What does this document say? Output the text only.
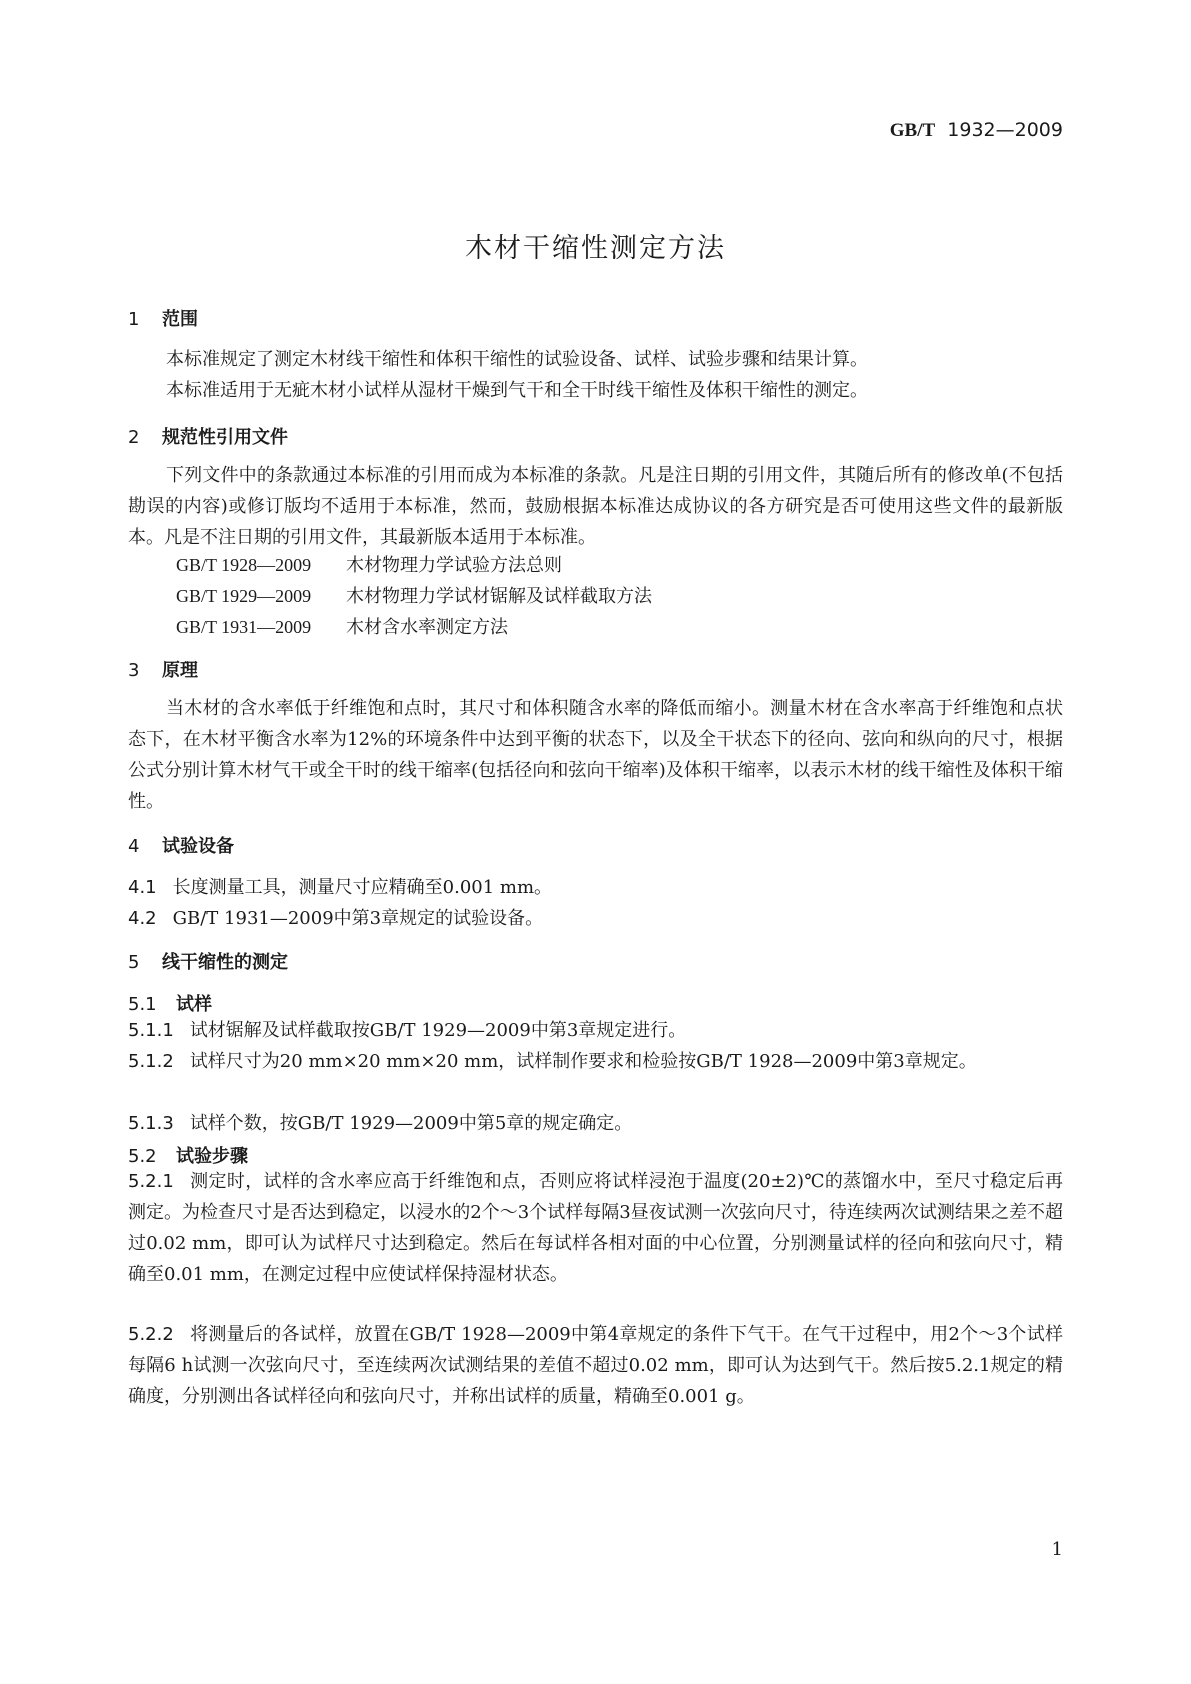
GB/T 1932—2009
木材干缩性测定方法
1 范围
本标准规定了测定木材线干缩性和体积干缩性的试验设备、试样、试验步骤和结果计算。
本标准适用于无疵木材小试样从湿材干燥到气干和全干时线干缩性及体积干缩性的测定。
2 规范性引用文件
下列文件中的条款通过本标准的引用而成为本标准的条款。凡是注日期的引用文件，其随后所有的修改单(不包括勘误的内容)或修订版均不适用于本标准，然而，鼓励根据本标准达成协议的各方研究是否可使用这些文件的最新版本。凡是不注日期的引用文件，其最新版本适用于本标准。
GB/T 1928—2009 木材物理力学试验方法总则
GB/T 1929—2009 木材物理力学试材锯解及试样截取方法
GB/T 1931—2009 木材含水率测定方法
3 原理
当木材的含水率低于纤维饱和点时，其尺寸和体积随含水率的降低而缩小。测量木材在含水率高于纤维饱和点状态下，在木材平衡含水率为12%的环境条件中达到平衡的状态下，以及全干状态下的径向、弦向和纵向的尺寸，根据公式分别计算木材气干或全干时的线干缩率(包括径向和弦向干缩率)及体积干缩率，以表示木材的线干缩性及体积干缩性。
4 试验设备
4.1 长度测量工具，测量尺寸应精确至0.001 mm。
4.2 GB/T 1931—2009中第3章规定的试验设备。
5 线干缩性的测定
5.1 试样
5.1.1 试材锯解及试样截取按GB/T 1929—2009中第3章规定进行。
5.1.2 试样尺寸为20 mm×20 mm×20 mm，试样制作要求和检验按GB/T 1928—2009中第3章规定。
5.1.3 试样个数，按GB/T 1929—2009中第5章的规定确定。
5.2 试验步骤
5.2.1 测定时，试样的含水率应高于纤维饱和点，否则应将试样浸泡于温度(20±2)℃的蒸馏水中，至尺寸稳定后再测定。为检查尺寸是否达到稳定，以浸水的2个～3个试样每隔3昼夜试测一次弦向尺寸，待连续两次试测结果之差不超过0.02 mm，即可认为试样尺寸达到稳定。然后在每试样各相对面的中心位置，分别测量试样的径向和弦向尺寸，精确至0.01 mm，在测定过程中应使试样保持湿材状态。
5.2.2 将测量后的各试样，放置在GB/T 1928—2009中第4章规定的条件下气干。在气干过程中，用2个～3个试样每隔6 h试测一次弦向尺寸，至连续两次试测结果的差值不超过0.02 mm，即可认为达到气干。然后按5.2.1规定的精确度，分别测出各试样径向和弦向尺寸，并称出试样的质量，精确至0.001 g。
1
